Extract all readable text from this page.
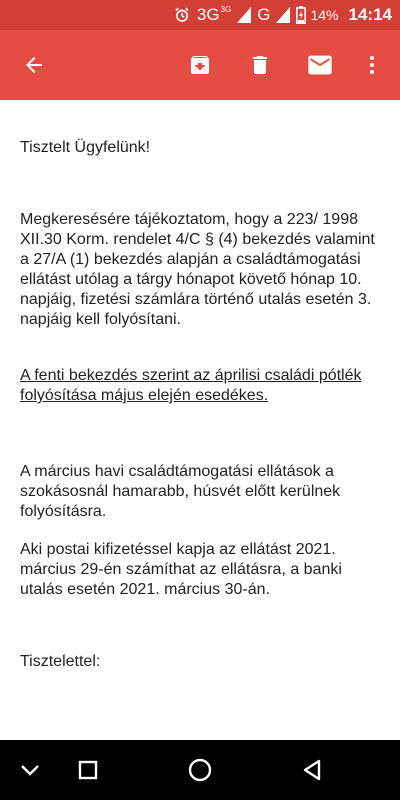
3G 3G G	14% 14:14

Tisztelt Ügyfelünk!

Megkeresésére tájékoztatom, hogy a 223/ 1998 XII.30 Korm. rendelet 4/C § (4) bekezdés valamint a 27/A (1) bekezdés alapján a családtámogatási ellátást utólag a tárgy hónapot követő hónap 10. napjáig, fizetési számlára történő utalás esetén 3. napjáig kell folyósítani.

A fenti bekezdés szerint az áprilisi családi pótlék folyósítása május elején esedékes.

A március havi családtámogatási ellátások a szokásosnál hamarabb, húsvét előtt kerülnek folyósításra.

Aki postai kifizetéssel kapja az ellátást 2021. március 29-én számíthat az ellátásra, a banki utalás esetén 2021. március 30-án.

Tisztelettel:
